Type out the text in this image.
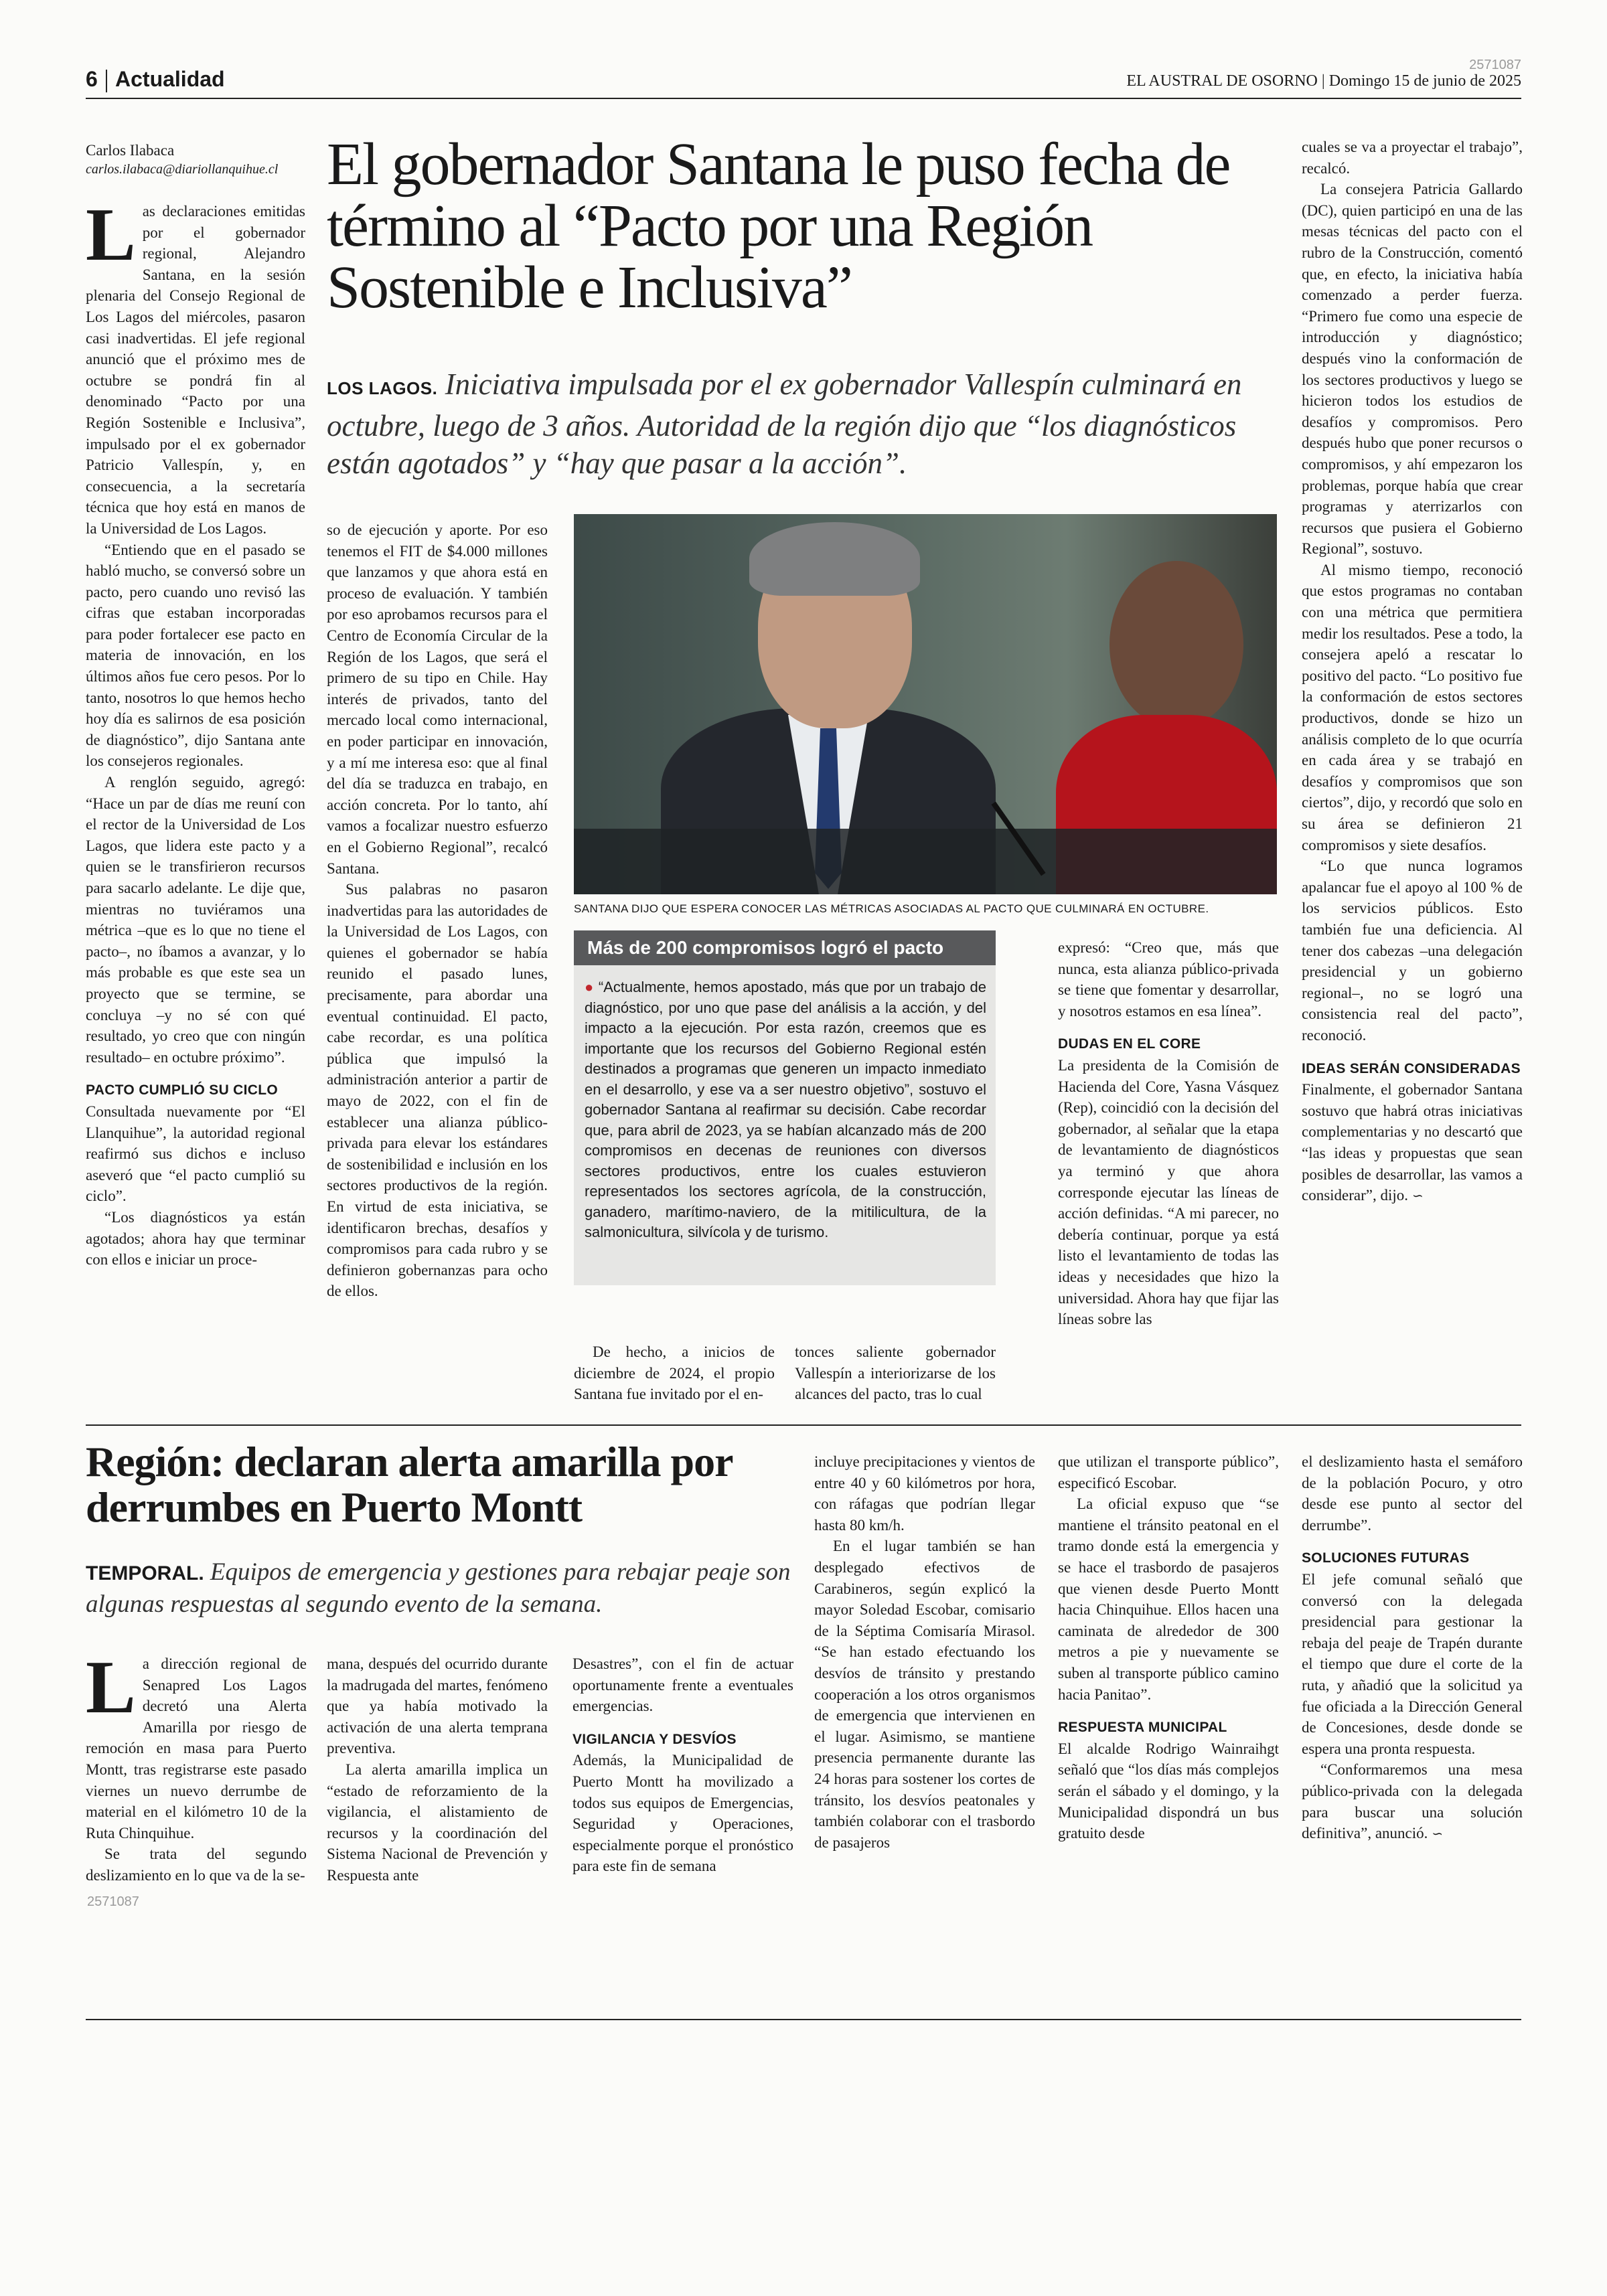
2571087
6 Actualidad	EL AUSTRAL DE OSORNO | Domingo 15 de junio de 2025
Carlos Ilabaca
carlos.ilabaca@diariollanquihue.cl El gobernador Santana le puso fecha de término al “Pacto por una Región Sostenible e Inclusiva”
LOS LAGOS. Iniciativa impulsada por el ex gobernador Vallespín culminará en octubre, luego de 3 años. Autoridad de la región dijo que “los diagnósticos están agotados” y “hay que pasar a la acción”.

Las declaraciones emitidas por el gobernador regional, Alejandro Santana, en la sesión plenaria del Consejo Regional de Los Lagos del miércoles, pasaron casi inadvertidas. El jefe regional anunció que el próximo mes de octubre se pondrá fin al denominado “Pacto por una Región Sostenible e Inclusiva”, impulsado por el ex gobernador Patricio Vallespín, y, en consecuencia, a la secretaría técnica que hoy está en manos de la Universidad de Los Lagos.

“Entiendo que en el pasado se habló mucho, se conversó sobre un pacto, pero cuando uno revisó las cifras que estaban incorporadas para poder fortalecer ese pacto en materia de innovación, en los últimos años fue cero pesos. Por lo tanto, nosotros lo que hemos hecho hoy día es salirnos de esa posición de diagnóstico”, dijo Santana ante los consejeros regionales.

A renglón seguido, agregó: “Hace un par de días me reuní con el rector de la Universidad de Los Lagos, que lidera este pacto y a quien se le transfirieron recursos para sacarlo adelante. Le dije que, mientras no tuviéramos una métrica –que es lo que no tiene el pacto–, no íbamos a avanzar, y lo más probable es que este sea un proyecto que se termine, se concluya –y no sé con qué resultado, yo creo que con ningún resultado– en octubre próximo”.

PACTO CUMPLIÓ SU CICLO

Consultada nuevamente por “El Llanquihue”, la autoridad regional reafirmó sus dichos e incluso aseveró que “el pacto cumplió su ciclo”.

“Los diagnósticos ya están agotados; ahora hay que terminar con ellos e iniciar un proce-

so de ejecución y aporte. Por eso tenemos el FIT de $4.000 millones que lanzamos y que ahora está en proceso de evaluación. Y también por eso aprobamos recursos para el Centro de Economía Circular de la Región de los Lagos, que será el primero de su tipo en Chile. Hay interés de privados, tanto del mercado local como internacional, en poder participar en innovación, y a mí me interesa eso: que al final del día se traduzca en trabajo, en acción concreta. Por lo tanto, ahí vamos a focalizar nuestro esfuerzo en el Gobierno Regional”, recalcó Santana.

Sus palabras no pasaron inadvertidas para las autoridades de la Universidad de Los Lagos, con quienes el gobernador se había reunido el pasado lunes, precisamente, para abordar una eventual continuidad. El pacto, cabe recordar, es una política pública que impulsó la administración anterior a partir de mayo de 2022, con el fin de establecer una alianza público-privada para elevar los estándares de sostenibilidad e inclusión en los sectores productivos de la región. En virtud de esta iniciativa, se identificaron brechas, desafíos y compromisos para cada rubro y se definieron gobernanzas para ocho de ellos.

SANTANA DIJO QUE ESPERA CONOCER LAS MÉTRICAS ASOCIADAS AL PACTO QUE CULMINARÁ EN OCTUBRE.
Más de 200 compromisos logró el pacto
● “Actualmente, hemos apostado, más que por un trabajo de diagnóstico, por uno que pase del análisis a la acción, y del impacto a la ejecución. Por esta razón, creemos que es importante que los recursos del Gobierno Regional estén destinados a programas que generen un impacto inmediato en el desarrollo, y ese va a ser nuestro objetivo”, sostuvo el gobernador Santana al reafirmar su decisión. Cabe recordar que, para abril de 2023, ya se habían alcanzado más de 200 compromisos en decenas de reuniones con diversos sectores productivos, entre los cuales estuvieron representados los sectores agrícola, de la construcción, ganadero, marítimo-naviero, de la mitilicultura, de la salmonicultura, silvícola y de turismo.

De hecho, a inicios de diciembre de 2024, el propio Santana fue invitado por el en-

tonces saliente gobernador Vallespín a interiorizarse de los alcances del pacto, tras lo cual

expresó: “Creo que, más que nunca, esta alianza público-privada se tiene que fomentar y desarrollar, y nosotros estamos en esa línea”.

DUDAS EN EL CORE

La presidenta de la Comisión de Hacienda del Core, Yasna Vásquez (Rep), coincidió con la decisión del gobernador, al señalar que la etapa de levantamiento de diagnósticos ya terminó y que ahora corresponde ejecutar las líneas de acción definidas. “A mi parecer, no debería continuar, porque ya está listo el levantamiento de todas las ideas y necesidades que hizo la universidad. Ahora hay que fijar las líneas sobre las

cuales se va a proyectar el trabajo”, recalcó.

La consejera Patricia Gallardo (DC), quien participó en una de las mesas técnicas del pacto con el rubro de la Construcción, comentó que, en efecto, la iniciativa había comenzado a perder fuerza. “Primero fue como una especie de introducción y diagnóstico; después vino la conformación de los sectores productivos y luego se hicieron todos los estudios de desafíos y compromisos. Pero después hubo que poner recursos o compromisos, y ahí empezaron los problemas, porque había que crear programas y aterrizarlos con recursos que pusiera el Gobierno Regional”, sostuvo.

Al mismo tiempo, reconoció que estos programas no contaban con una métrica que permitiera medir los resultados. Pese a todo, la consejera apeló a rescatar lo positivo del pacto. “Lo positivo fue la conformación de estos sectores productivos, donde se hizo un análisis completo de lo que ocurría en cada área y se trabajó en desafíos y compromisos que son ciertos”, dijo, y recordó que solo en su área se definieron 21 compromisos y siete desafíos.

“Lo que nunca logramos apalancar fue el apoyo al 100 % de los servicios públicos. Esto también fue una deficiencia. Al tener dos cabezas –una delegación presidencial y un gobierno regional–, no se logró una consistencia real del pacto”, reconoció.

IDEAS SERÁN CONSIDERADAS

Finalmente, el gobernador Santana sostuvo que habrá otras iniciativas complementarias y no descartó que “las ideas y propuestas que sean posibles de desarrollar, las vamos a considerar”, dijo. ∽

Región: declaran alerta amarilla por derrumbes en Puerto Montt
TEMPORAL. Equipos de emergencia y gestiones para rebajar peaje son algunas respuestas al segundo evento de la semana.

La dirección regional de Senapred Los Lagos decretó una Alerta Amarilla por riesgo de remoción en masa para Puerto Montt, tras registrarse este pasado viernes un nuevo derrumbe de material en el kilómetro 10 de la Ruta Chinquihue.

Se trata del segundo deslizamiento en lo que va de la se-

2571087

mana, después del ocurrido durante la madrugada del martes, fenómeno que ya había motivado la activación de una alerta temprana preventiva.

La alerta amarilla implica un “estado de reforzamiento de la vigilancia, el alistamiento de recursos y la coordinación del Sistema Nacional de Prevención y Respuesta ante

Desastres”, con el fin de actuar oportunamente frente a eventuales emergencias.

VIGILANCIA Y DESVÍOS

Además, la Municipalidad de Puerto Montt ha movilizado a todos sus equipos de Emergencias, Seguridad y Operaciones, especialmente porque el pronóstico para este fin de semana

incluye precipitaciones y vientos de entre 40 y 60 kilómetros por hora, con ráfagas que podrían llegar hasta 80 km/h.

En el lugar también se han desplegado efectivos de Carabineros, según explicó la mayor Soledad Escobar, comisario de la Séptima Comisaría Mirasol. “Se han estado efectuando los desvíos de tránsito y prestando cooperación a los otros organismos de emergencia que intervienen en el lugar. Asimismo, se mantiene presencia permanente durante las 24 horas para sostener los cortes de tránsito, los desvíos peatonales y también colaborar con el trasbordo de pasajeros

que utilizan el transporte público”, especificó Escobar.

La oficial expuso que “se mantiene el tránsito peatonal en el tramo donde está la emergencia y se hace el trasbordo de pasajeros que vienen desde Puerto Montt hacia Chinquihue. Ellos hacen una caminata de alrededor de 300 metros a pie y nuevamente se suben al transporte público camino hacia Panitao”.

RESPUESTA MUNICIPAL

El alcalde Rodrigo Wainraihgt señaló que “los días más complejos serán el sábado y el domingo, y la Municipalidad dispondrá un bus gratuito desde

el deslizamiento hasta el semáforo de la población Pocuro, y otro desde ese punto al sector del derrumbe”.

SOLUCIONES FUTURAS

El jefe comunal señaló que conversó con la delegada presidencial para gestionar la rebaja del peaje de Trapén durante el tiempo que dure el corte de la ruta, y añadió que la solicitud ya fue oficiada a la Dirección General de Concesiones, desde donde se espera una pronta respuesta.

“Conformaremos una mesa público-privada con la delegada para buscar una solución definitiva”, anunció. ∽
